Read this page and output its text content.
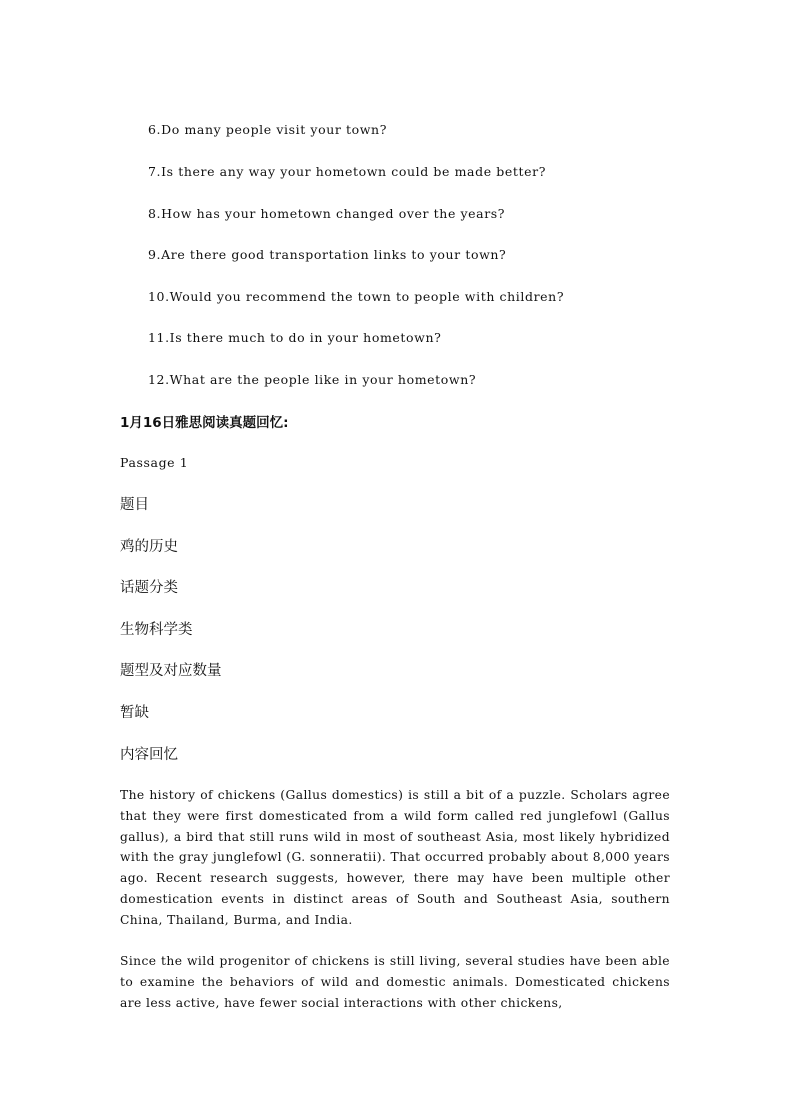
6.Do many people visit your town?
7.Is there any way your hometown could be made better?
8.How has your hometown changed over the years?
9.Are there good transportation links to your town?
10.Would you recommend the town to people with children?
11.Is there much to do in your hometown?
12.What are the people like in your hometown?
1月16日雅思阅读真题回忆:
Passage 1
题目
鸡的历史
话题分类
生物科学类
题型及对应数量
暂缺
内容回忆
The history of chickens (Gallus domestics) is still a bit of a puzzle. Scholars agree that they were first domesticated from a wild form called red junglefowl (Gallus gallus), a bird that still runs wild in most of southeast Asia, most likely hybridized with the gray junglefowl (G. sonneratii). That occurred probably about 8,000 years ago. Recent research suggests, however, there may have been multiple other domestication events in distinct areas of South and Southeast Asia, southern China, Thailand, Burma, and India.
Since the wild progenitor of chickens is still living, several studies have been able to examine the behaviors of wild and domestic animals. Domesticated chickens are less active, have fewer social interactions with other chickens,
